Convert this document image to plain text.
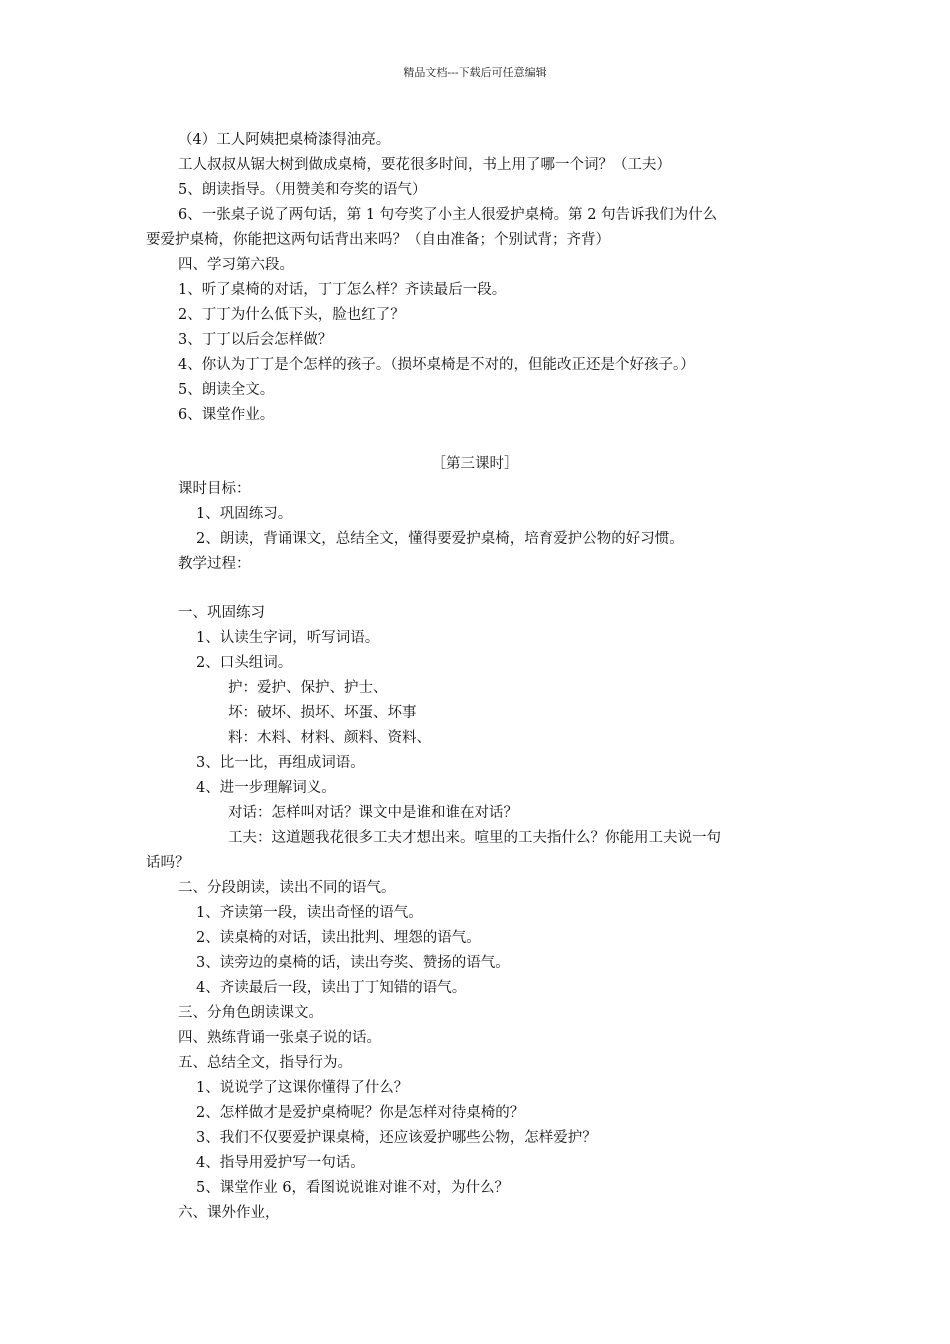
精品文档---下载后可任意编辑
（4）工人阿姨把桌椅漆得油亮。
工人叔叔从锯大树到做成桌椅，要花很多时间，书上用了哪一个词？（工夫）
5、朗读指导。（用赞美和夸奖的语气）
6、一张桌子说了两句话，第 1 句夸奖了小主人很爱护桌椅。第 2 句告诉我们为什么
要爱护桌椅，你能把这两句话背出来吗？（自由准备；个别试背；齐背）
四、学习第六段。
1、听了桌椅的对话，丁丁怎么样？齐读最后一段。
2、丁丁为什么低下头，脸也红了？
3、丁丁以后会怎样做？
4、你认为丁丁是个怎样的孩子。（损坏桌椅是不对的，但能改正还是个好孩子。）
5、朗读全文。
6、课堂作业。
［第三课时］
课时目标：
1、巩固练习。
2、朗读，背诵课文，总结全文，懂得要爱护桌椅，培育爱护公物的好习惯。
教学过程：
一、巩固练习
1、认读生字词，听写词语。
2、口头组词。
护：爱护、保护、护士、
坏：破坏、损坏、坏蛋、坏事
料：木料、材料、颜料、资料、
3、比一比，再组成词语。
4、进一步理解词义。
对话：怎样叫对话？课文中是谁和谁在对话？
工夫：这道题我花很多工夫才想出来。喧里的工夫指什么？你能用工夫说一句
话吗？
二、分段朗读，读出不同的语气。
1、齐读第一段，读出奇怪的语气。
2、读桌椅的对话，读出批判、埋怨的语气。
3、读旁边的桌椅的话，读出夸奖、赞扬的语气。
4、齐读最后一段，读出丁丁知错的语气。
三、分角色朗读课文。
四、熟练背诵一张桌子说的话。
五、总结全文，指导行为。
1、说说学了这课你懂得了什么？
2、怎样做才是爱护桌椅呢？你是怎样对待桌椅的？
3、我们不仅要爱护课桌椅，还应该爱护哪些公物，怎样爱护？
4、指导用爱护写一句话。
5、课堂作业 6，看图说说谁对谁不对，为什么？
六、课外作业，
